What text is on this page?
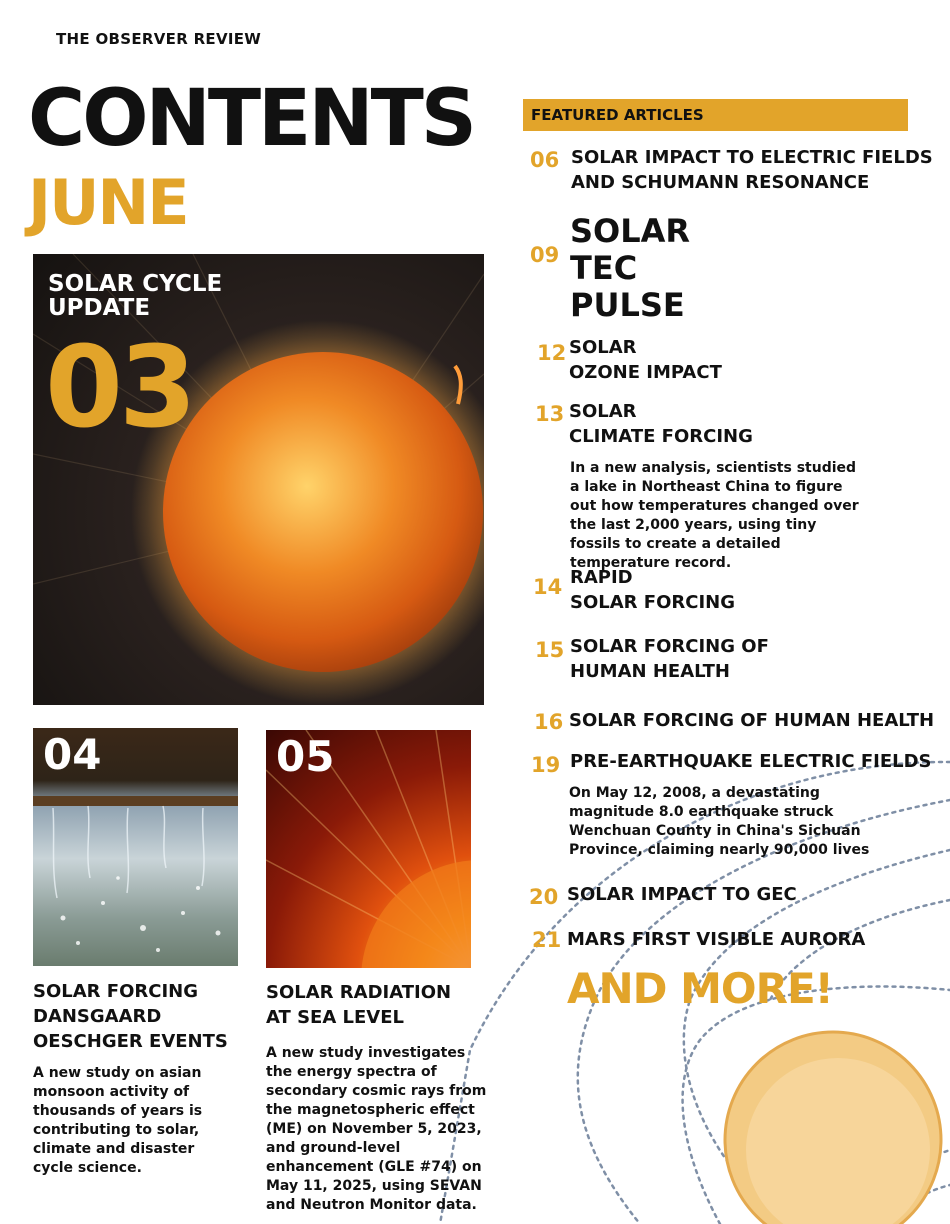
THE OBSERVER REVIEW
CONTENTS
JUNE
SOLAR CYCLE
UPDATE
03
04	05
SOLAR FORCING
DANSGAARD
OESCHGER EVENTS
A new study on asian monsoon activity of thousands of years is contributing to solar, climate and disaster cycle science.
SOLAR RADIATION
AT SEA LEVEL
A new study investigates the energy spectra of secondary cosmic rays from the magnetospheric effect (ME) on November 5, 2023, and ground-level enhancement (GLE #74) on May 11, 2025, using SEVAN and Neutron Monitor data.
FEATURED ARTICLES
06 SOLAR IMPACT TO ELECTRIC FIELDS
AND SCHUMANN RESONANCE
09
SOLAR
TEC
PULSE
12 SOLAR
OZONE IMPACT
13 SOLAR
CLIMATE FORCING
In a new analysis, scientists studied a lake in Northeast China to figure out how temperatures changed over the last 2,000 years, using tiny fossils to create a detailed temperature record.
14 RAPID
SOLAR FORCING
15 SOLAR FORCING OF
HUMAN HEALTH
16 SOLAR FORCING OF HUMAN HEALTH
19 PRE-EARTHQUAKE ELECTRIC FIELDS
On May 12, 2008, a devastating magnitude 8.0 earthquake struck Wenchuan County in China's Sichuan Province, claiming nearly 90,000 lives
20 SOLAR IMPACT TO GEC
21 MARS FIRST VISIBLE AURORA
AND MORE!
